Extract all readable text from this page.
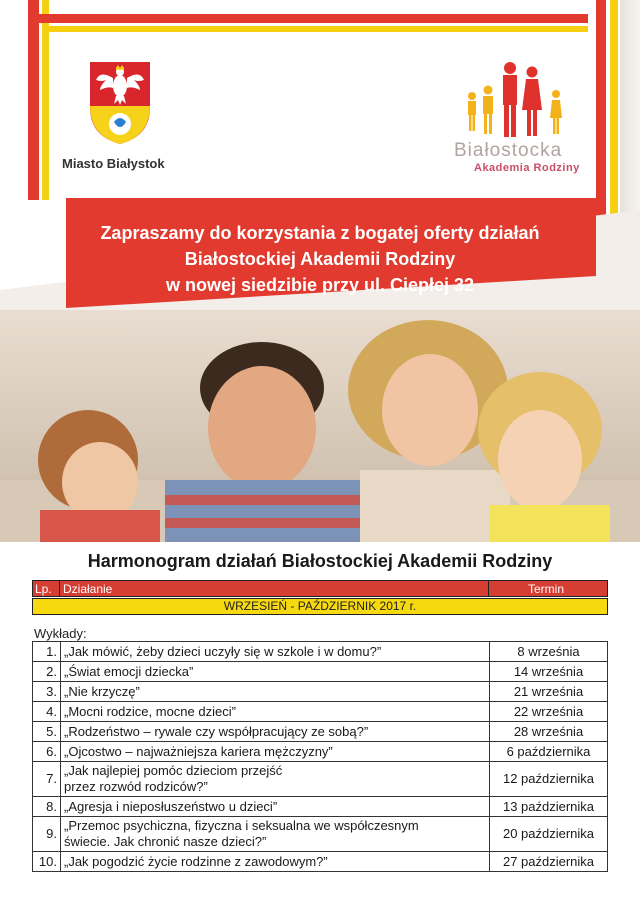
Miasto Białystok
Białostocka
Akademia Rodziny
Zapraszamy do korzystania z bogatej oferty działań
Białostockiej Akademii Rodziny
w nowej siedzibie przy ul. Ciepłej 32
Harmonogram działań Białostockiej Akademii Rodziny
Lp. Działanie	Termin
WRZESIEŃ - PAŹDZIERNIK 2017 r.
Wykłady:
1.	„Jak mówić, żeby dzieci uczyły się w szkole i w domu?”	8 września
2.	„Świat emocji dziecka”	14 września
3.	„Nie krzyczę”	21 września
4.	„Mocni rodzice, mocne dzieci”	22 września
5.	„Rodzeństwo – rywale czy współpracujący ze sobą?”	28 września
6.	„Ojcostwo – najważniejsza kariera mężczyzny”	6 października
7.	„Jak najlepiej pomóc dzieciom przejść
przez rozwód rodziców?”	12 października
8.	„Agresja i nieposłuszeństwo u dzieci”	13 października
9.	„Przemoc psychiczna, fizyczna i seksualna we współczesnym
świecie. Jak chronić nasze dzieci?”	20 października
10.	„Jak pogodzić życie rodzinne z zawodowym?”	27 października
